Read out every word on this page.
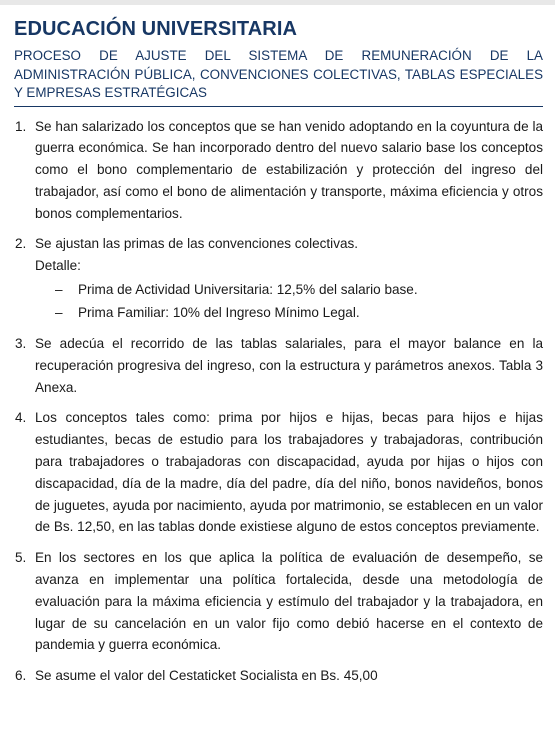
EDUCACIÓN UNIVERSITARIA

PROCESO DE AJUSTE DEL SISTEMA DE REMUNERACIÓN DE LA ADMINISTRACIÓN PÚBLICA, CONVENCIONES COLECTIVAS, TABLAS ESPECIALES Y EMPRESAS ESTRATÉGICAS

1. Se han salarizado los conceptos que se han venido adoptando en la coyuntura de la guerra económica. Se han incorporado dentro del nuevo salario base los conceptos como el bono complementario de estabilización y protección del ingreso del trabajador, así como el bono de alimentación y transporte, máxima eficiencia y otros bonos complementarios.
2. Se ajustan las primas de las convenciones colectivas.
Detalle:
–	Prima de Actividad Universitaria: 12,5% del salario base.
–	Prima Familiar: 10% del Ingreso Mínimo Legal.
3. Se adecúa el recorrido de las tablas salariales, para el mayor balance en la recuperación progresiva del ingreso, con la estructura y parámetros anexos. Tabla 3 Anexa.
4. Los conceptos tales como: prima por hijos e hijas, becas para hijos e hijas estudiantes, becas de estudio para los trabajadores y trabajadoras, contribución para trabajadores o trabajadoras con discapacidad, ayuda por hijas o hijos con discapacidad, día de la madre, día del padre, día del niño, bonos navideños, bonos de juguetes, ayuda por nacimiento, ayuda por matrimonio, se establecen en un valor de Bs. 12,50, en las tablas donde existiese alguno de estos conceptos previamente.
5. En los sectores en los que aplica la política de evaluación de desempeño, se avanza en implementar una política fortalecida, desde una metodología de evaluación para la máxima eficiencia y estímulo del trabajador y la trabajadora, en lugar de su cancelación en un valor fijo como debió hacerse en el contexto de pandemia y guerra económica.
6. Se asume el valor del Cestaticket Socialista en Bs. 45,00
